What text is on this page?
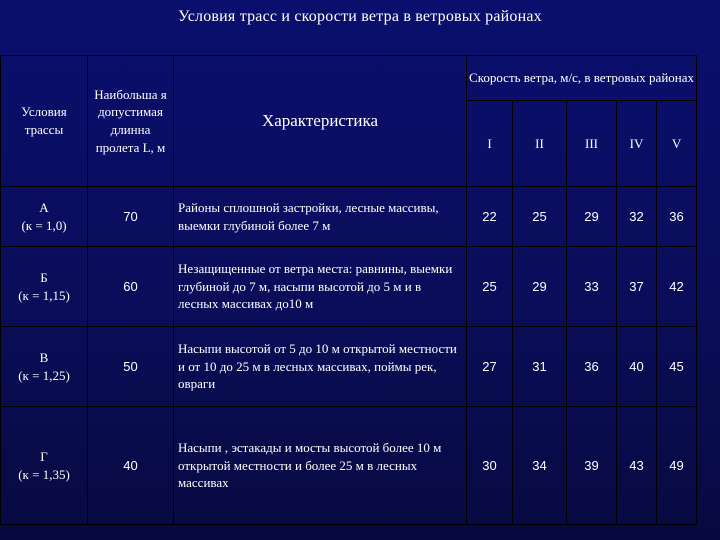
Условия трасс и скорости ветра в ветровых районах
Условия трассы	Наибольша я допустимая длинна пролета L, м	Характеристика	Скорость ветра, м/с, в ветровых районах				
			I	II	III	IV	V
А
(к = 1,0)	70	Районы сплошной застройки, лесные массивы, выемки глубиной более 7 м	22	25	29	32	36
Б
(к = 1,15)	60	Незащищенные от ветра места: равнины, выемки глубиной до 7 м, насыпи высотой до 5 м и в лесных массивах до10 м	25	29	33	37	42
В
(к = 1,25)	50	Насыпи высотой от 5 до 10 м открытой местности и от 10 до 25 м в лесных массивах, поймы рек, овраги	27	31	36	40	45
Г
(к = 1,35)	40	Насыпи , эстакады и мосты высотой более 10 м открытой местности и более 25 м в лесных массивах	30	34	39	43	49
